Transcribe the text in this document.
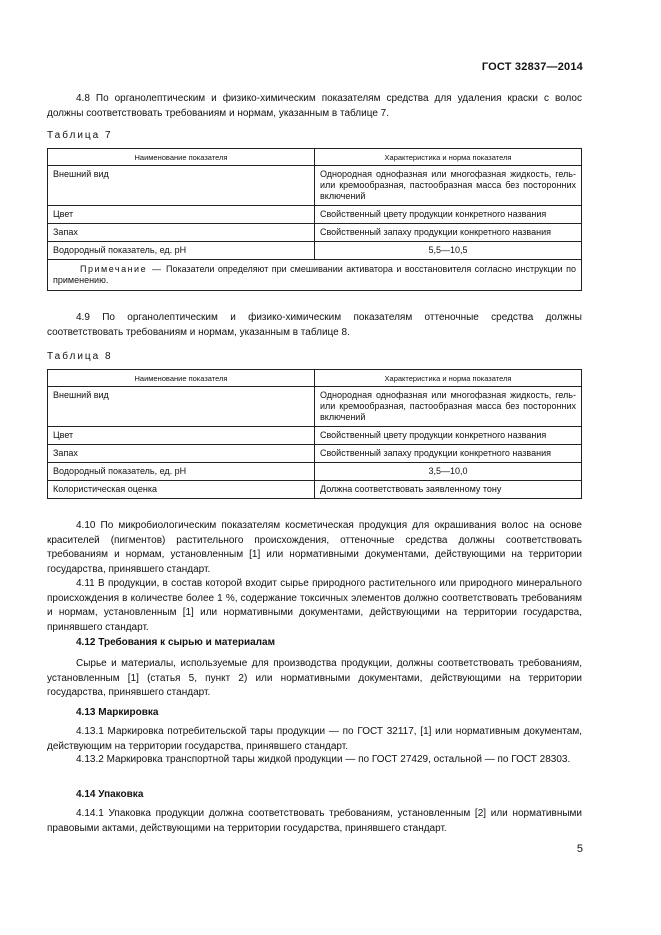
ГОСТ 32837—2014

4.8 По органолептическим и физико-химическим показателям средства для удаления краски с волос должны соответствовать требованиям и нормам, указанным в таблице 7.

Таблица 7
Наименование показателя	Характеристика и норма показателя
Внешний вид	Однородная однофазная или многофазная жидкость, гель- или кремообразная, пастообразная масса без посторонних включений
Цвет	Свойственный цвету продукции конкретного названия
Запах	Свойственный запаху продукции конкретного названия
Водородный показатель, ед. pH	5,5—10,5
Примечание — Показатели определяют при смешивании активатора и восстановителя согласно инструкции по применению.	

4.9 По органолептическим и физико-химическим показателям оттеночные средства должны соответствовать требованиям и нормам, указанным в таблице 8.

Таблица 8
Наименование показателя	Характеристика и норма показателя
Внешний вид	Однородная однофазная или многофазная жидкость, гель- или кремообразная, пастообразная масса без посторонних включений
Цвет	Свойственный цвету продукции конкретного названия
Запах	Свойственный запаху продукции конкретного названия
Водородный показатель, ед. pH	3,5—10,0
Колористическая оценка	Должна соответствовать заявленному тону

4.10 По микробиологическим показателям косметическая продукция для окрашивания волос на основе красителей (пигментов) растительного происхождения, оттеночные средства должны соответствовать требованиям и нормам, установленным [1] или нормативными документами, действующими на территории государства, принявшего стандарт.

4.11 В продукции, в состав которой входит сырье природного растительного или природного минерального происхождения в количестве более 1 %, содержание токсичных элементов должно соответствовать требованиям и нормам, установленным [1] или нормативными документами, действующими на территории государства, принявшего стандарт.

4.12 Требования к сырью и материалам

Сырье и материалы, используемые для производства продукции, должны соответствовать требованиям, установленным [1] (статья 5, пункт 2) или нормативными документами, действующими на территории государства, принявшего стандарт.

4.13 Маркировка

4.13.1 Маркировка потребительской тары продукции — по ГОСТ 32117, [1] или нормативным документам, действующим на территории государства, принявшего стандарт.

4.13.2 Маркировка транспортной тары жидкой продукции — по ГОСТ 27429, остальной — по ГОСТ 28303.

4.14 Упаковка

4.14.1 Упаковка продукции должна соответствовать требованиям, установленным [2] или нормативными правовыми актами, действующими на территории государства, принявшего стандарт.

5
